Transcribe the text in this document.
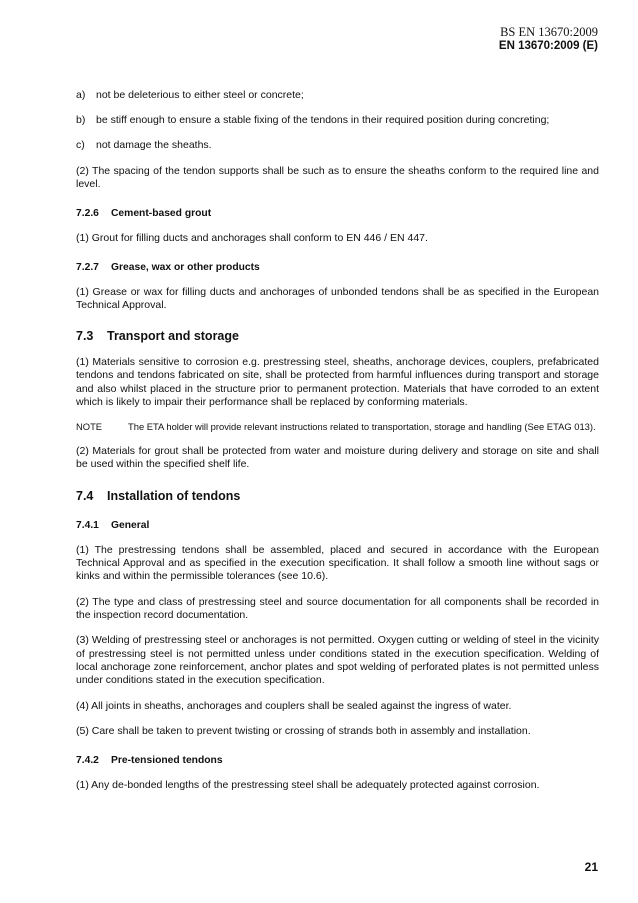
BS EN 13670:2009
EN 13670:2009 (E)
a)	not be deleterious to either steel or concrete;
b)	be stiff enough to ensure a stable fixing of the tendons in their required position during concreting;
c)	not damage the sheaths.

(2) The spacing of the tendon supports shall be such as to ensure the sheaths conform to the required line and level.

7.2.6 Cement-based grout

(1) Grout for filling ducts and anchorages shall conform to EN 446 / EN 447.

7.2.7 Grease, wax or other products

(1) Grease or wax for filling ducts and anchorages of unbonded tendons shall be as specified in the European Technical Approval.

7.3 Transport and storage

(1) Materials sensitive to corrosion e.g. prestressing steel, sheaths, anchorage devices, couplers, prefabricated tendons and tendons fabricated on site, shall be protected from harmful influences during transport and storage and also whilst placed in the structure prior to permanent protection. Materials that have corroded to an extent which is likely to impair their performance shall be replaced by conforming materials.

NOTE	The ETA holder will provide relevant instructions related to transportation, storage and handling (See ETAG 013).

(2) Materials for grout shall be protected from water and moisture during delivery and storage on site and shall be used within the specified shelf life.

7.4 Installation of tendons
7.4.1 General

(1) The prestressing tendons shall be assembled, placed and secured in accordance with the European Technical Approval and as specified in the execution specification. It shall follow a smooth line without sags or kinks and within the permissible tolerances (see 10.6).

(2) The type and class of prestressing steel and source documentation for all components shall be recorded in the inspection record documentation.

(3) Welding of prestressing steel or anchorages is not permitted. Oxygen cutting or welding of steel in the vicinity of prestressing steel is not permitted unless under conditions stated in the execution specification. Welding of local anchorage zone reinforcement, anchor plates and spot welding of perforated plates is not permitted unless under conditions stated in the execution specification.

(4) All joints in sheaths, anchorages and couplers shall be sealed against the ingress of water.

(5) Care shall be taken to prevent twisting or crossing of strands both in assembly and installation.

7.4.2 Pre-tensioned tendons

(1) Any de-bonded lengths of the prestressing steel shall be adequately protected against corrosion.

21
